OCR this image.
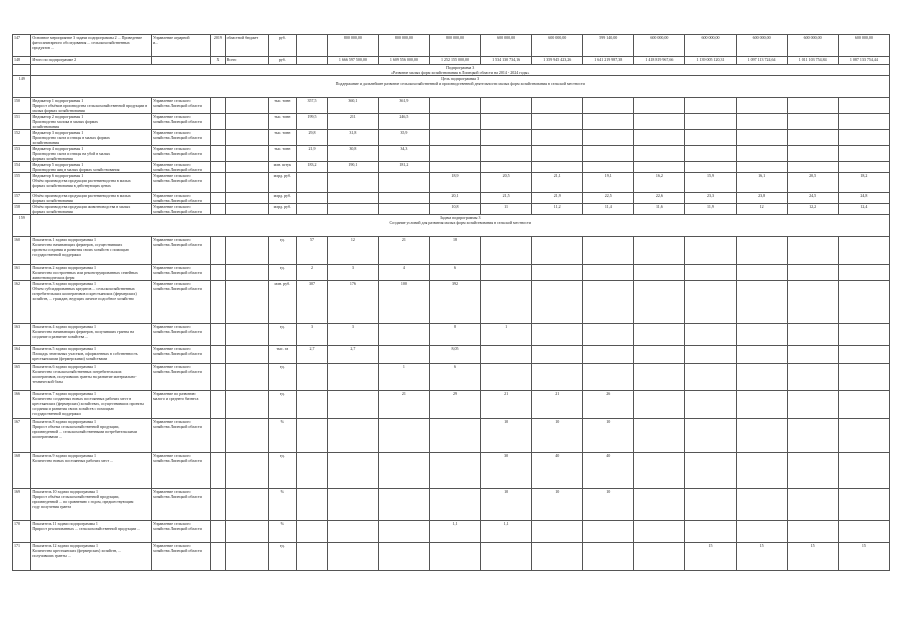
147	Основное мероприятие 3 задачи подпрограммы 2 ... Проведение
фитосанитарного обследования ... сельскохозяйственных
продуктов ...	Управление аграрной
и...	2019	областной бюджет	руб.		800 000,00	800 000,00	800 000,00	600 000,00	600 000,00	599 140,00	600 000,00	600 000,00	600 000,00	600 000,00	600 000,00
148	Итого по подпрограмме 2		Х	Всего	руб.		1 666 597 500,00	1 609 556 000,00	1 252 155 000,00	1 534 130 734,16	1 359 945 423,26	1 641 219 987,38	1 418 819 967,66	1 139 005 120,31	1 097 113 724,64	1 011 103 754,84	1 087 133 754,44
	Подпрограмма 3
«Развитие малых форм хозяйствования в Липецкой области на 2014 - 2024 годы»																
149	Цель подпрограммы 3
Поддержание и дальнейшее развитие сельскохозяйственной и производственной деятельности малых форм хозяйствования в сельской местности																
150	Индикатор 1 подпрограммы 1
Прирост объёмов производства сельскохозяйственной продукции в малых формах хозяйствования	Управление сельского
хозяйства Липецкой области			тыс. тонн	357,5	360,1	361,9									
151	Индикатор 2 подпрограммы 1
Производство молока в малых формах
хозяйствования	Управление сельского
хозяйства Липецкой области			тыс. тонн	199,5	211	246,5									
152	Индикатор 3 подпрограммы 1
Производство скота и птицы в малых формах
хозяйствования	Управление сельского
хозяйства Липецкой области			тыс. тонн	29,8	31,8	35,9									
153	Индикатор 4 подпрограммы 1
Производство скота и птицы на убой в малых
формах хозяйствования	Управление сельского
хозяйства Липецкой области			тыс. тонн	21,9	30,8	34,3									
154	Индикатор 5 подпрограммы 1
Производство яиц в малых формах хозяйствования	Управление сельского
хозяйства Липецкой области			млн. штук	183,2	190,1	181,2									
155	Индикатор 6 подпрограммы 1
Объём производства продукции растениеводства в малых
формах хозяйствования в действующих ценах	Управление сельского
хозяйства Липецкой области			млрд. руб.				18,9	20,5	21,1	19,1	16,2	15,9	16,1	20,5	18,2
157	Объём производства продукции растениеводства в малых
формах хозяйствования	Управление сельского
хозяйства Липецкой области			млрд. руб.				20,1	21,5	21,9	22,5	22,6	23,3	23,8	24,5	24,8
158	Объём производства продукции животноводства в малых
формах хозяйствования	Управление сельского
хозяйства Липецкой области			млрд. руб.				10,8	11	11,2	11,4	11,6	11,9	12	12,2	12,4
159	Задача подпрограммы 3
Создание условий для развития малых форм хозяйствования в сельской местности																
160	Показатель 1 задачи подпрограммы 1
Количество начинающих фермеров, осуществивших
проекты создания и развития своих хозяйств с помощью
государственной поддержки	Управление сельского
хозяйства Липецкой области			ед.	57	12	21	18								
161	Показатель 2 задачи подпрограммы 1
Количество построенных или реконструированных семейных
животноводческих ферм	Управление сельского
хозяйства Липецкой области			ед.	2	3	4	6								
162	Показатель 3 задачи подпрограммы 1
Объем субсидированных кредитов ... сельскохозяйственных
потребительских кооперативов и крестьянских (фермерских)
хозяйств, ... граждан, ведущих личное подсобное хозяйство	Управление сельского
хозяйства Липецкой области			млн. руб.	307	176	100	392								
163	Показатель 4 задачи подпрограммы 1
Количество начинающих фермеров, получивших гранты на
создание и развитие хозяйства ...	Управление сельского
хозяйства Липецкой области			ед.	3	3		8	1							
164	Показатель 5 задачи подпрограммы 1
Площадь земельных участков, оформленных в собственность
крестьянскими (фермерскими) хозяйствами	Управление сельского
хозяйства Липецкой области			тыс. га	2,7	2,7		8,05								
165	Показатель 6 задачи подпрограммы 1
Количество сельскохозяйственных потребительских
кооперативов, получивших гранты на развитие материально-
технической базы	Управление сельского
хозяйства Липецкой области			ед.			1	6								
166	Показатель 7 задачи подпрограммы 1
Количество созданных новых постоянных рабочих мест в
крестьянских (фермерских) хозяйствах, осуществивших проекты
создания и развития своих хозяйств с помощью
государственной поддержки	Управление по развитию
малого и среднего бизнеса			ед.			21	29	21	21	26					
167	Показатель 8 задачи подпрограммы 1
Прирост объема сельскохозяйственной продукции,
произведенной ... сельскохозяйственными потребительскими
кооперативами ...	Управление сельского
хозяйства Липецкой области			%					10	10	10					
168	Показатель 9 задачи подпрограммы 1
Количество новых постоянных рабочих мест ...	Управление сельского
хозяйства Липецкой области			ед.					30	40	40					
169	Показатель 10 задачи подпрограммы 1
Прирост объёма сельскохозяйственной продукции,
произведенной ... по сравнению с годом, предшествующим
году получения гранта	Управление сельского
хозяйства Липецкой области			%					10	10	10					
170	Показатель 11 задачи подпрограммы 1
Прирост реализованных ... сельскохозяйственной продукции ...	Управление сельского
хозяйства Липецкой области			%				1,1	1,1							
171	Показатель 12 задачи подпрограммы 1
Количество крестьянских (фермерских) хозяйств, ...
получивших гранты ...	Управление сельского
хозяйства Липецкой области			ед.									15	15	15	15
